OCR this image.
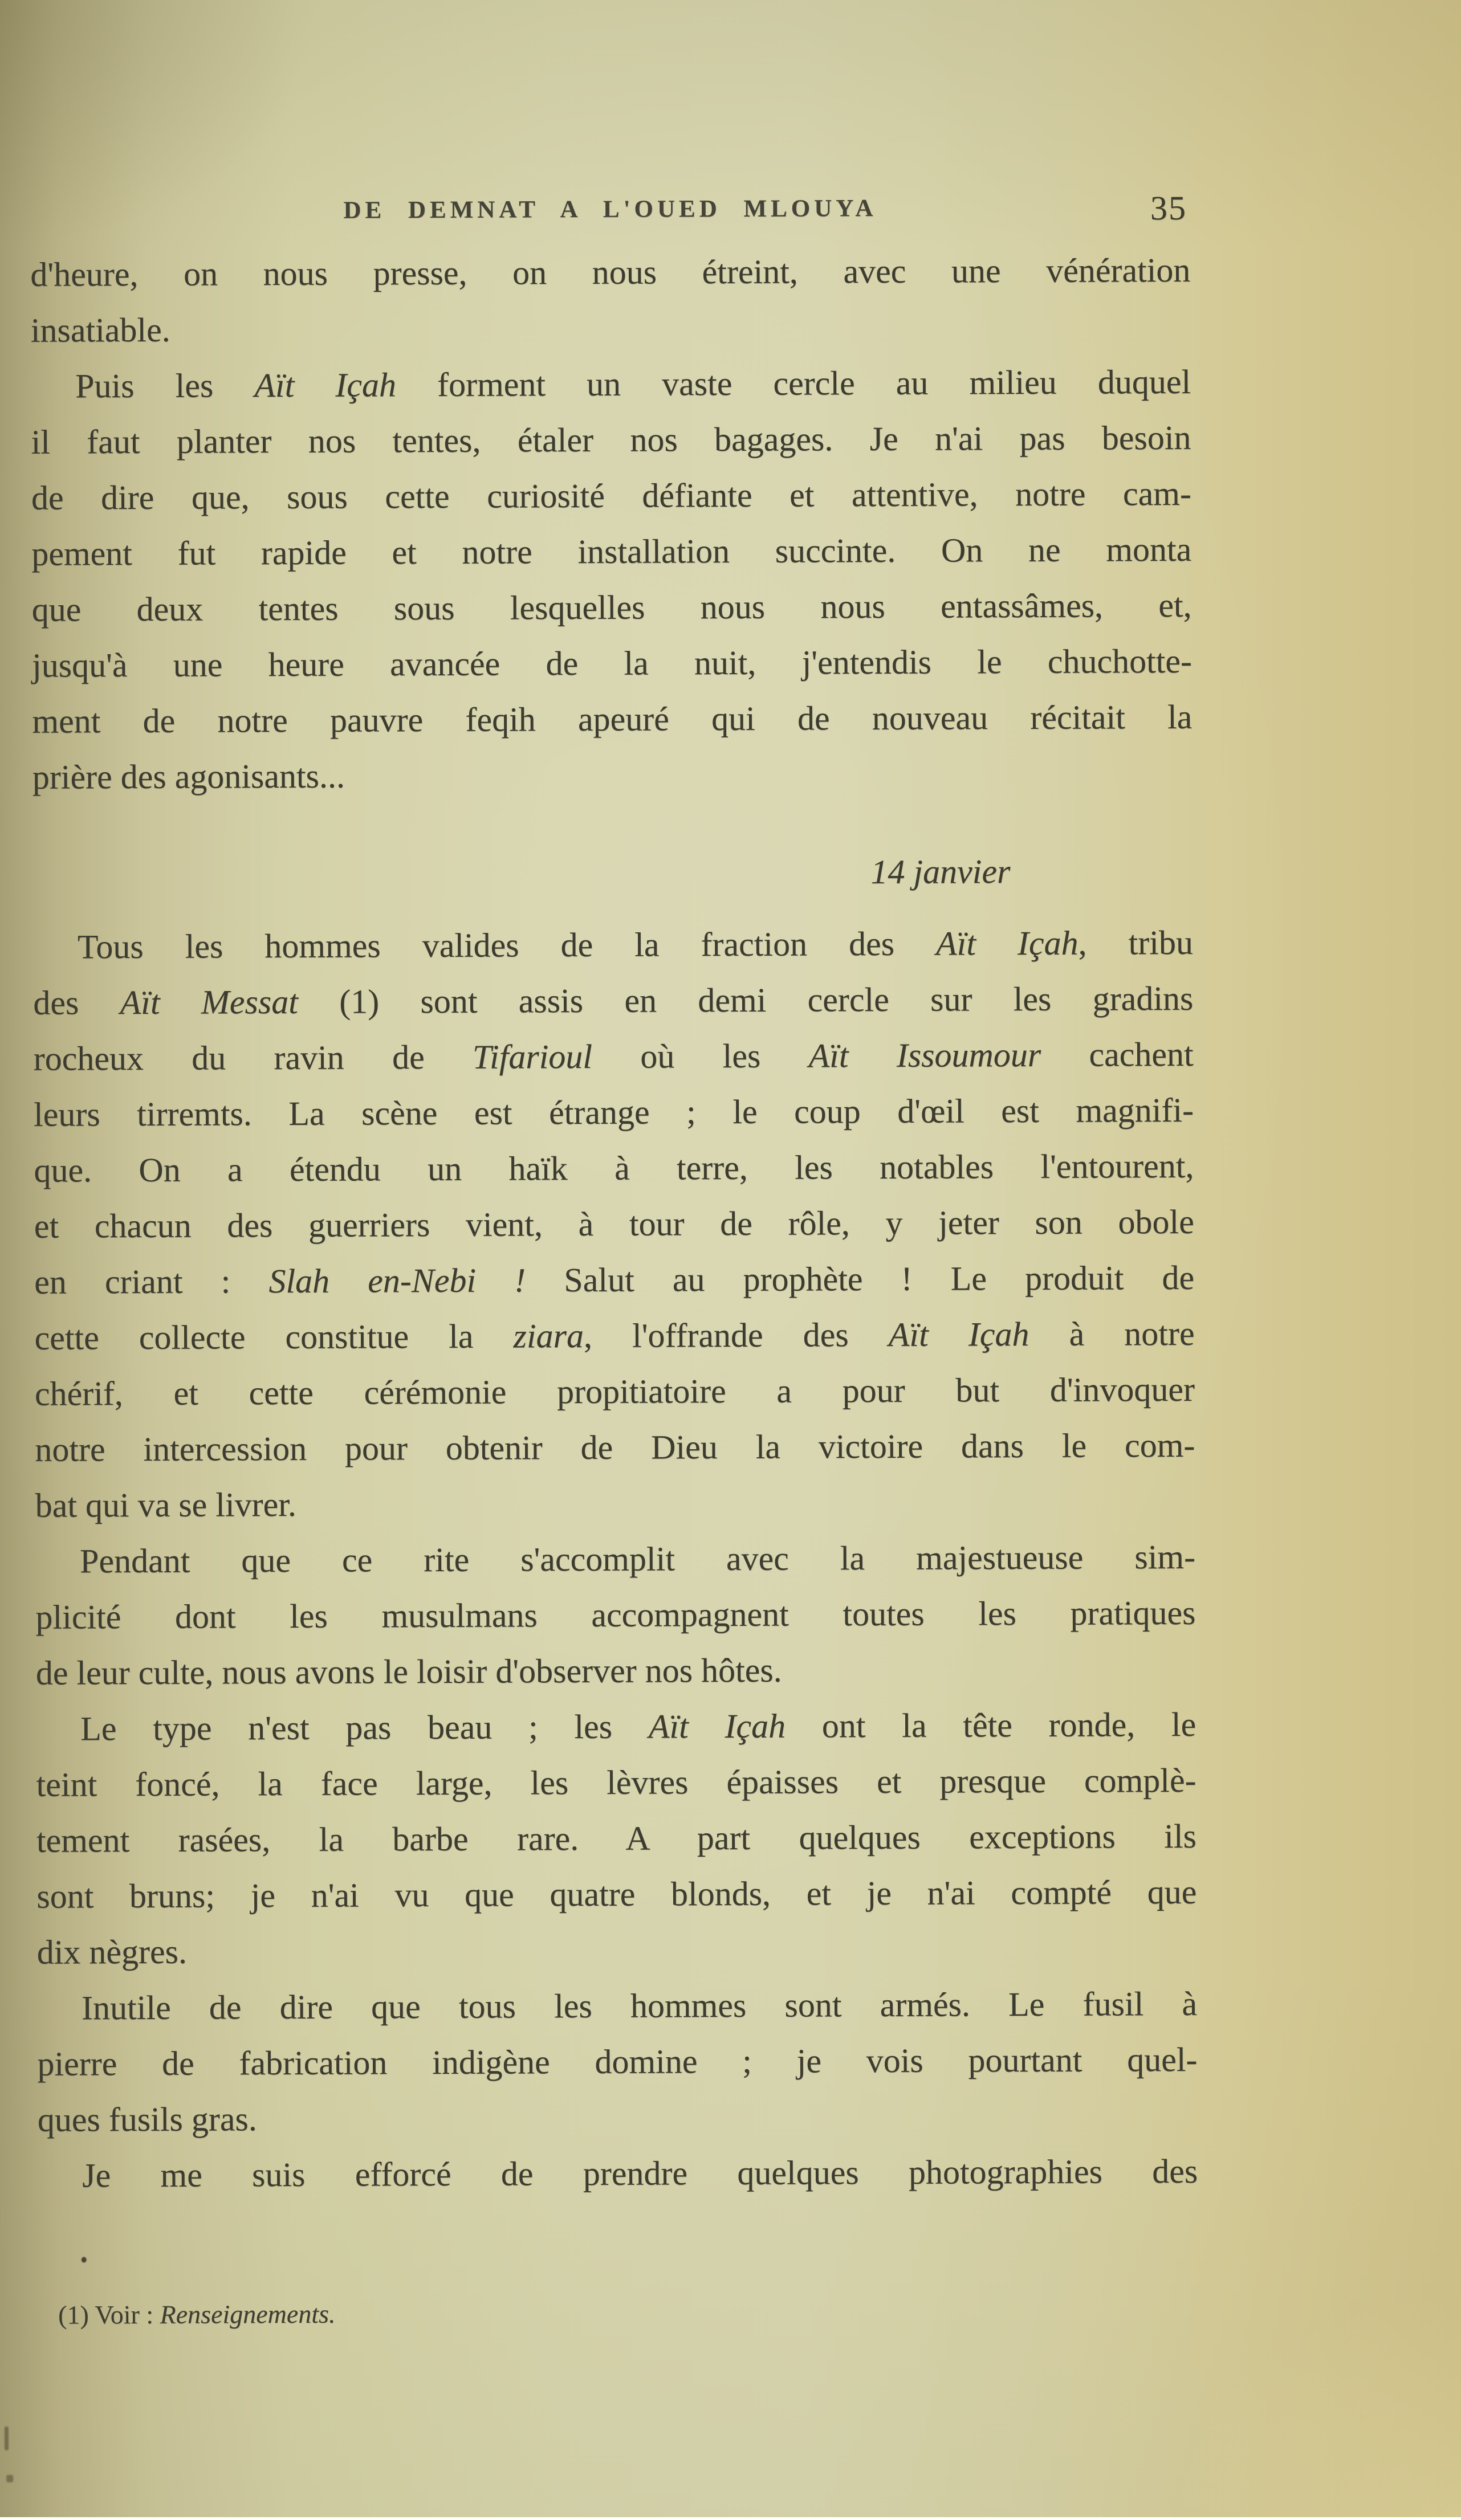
DE DEMNAT A L'OUED MLOUYA	35
d'heure, on nous presse, on nous étreint, avec une vénération
insatiable.
Puis les Aït Içah forment un vaste cercle au milieu duquel
il faut planter nos tentes, étaler nos bagages. Je n'ai pas besoin
de dire que, sous cette curiosité défiante et attentive, notre cam-
pement fut rapide et notre installation succinte. On ne monta
que deux tentes sous lesquelles nous nous entassâmes, et,
jusqu'à une heure avancée de la nuit, j'entendis le chuchotte-
ment de notre pauvre feqih apeuré qui de nouveau récitait la
prière des agonisants...
14 janvier
Tous les hommes valides de la fraction des Aït Içah, tribu
des Aït Messat (1) sont assis en demi cercle sur les gradins
rocheux du ravin de Tifarioul où les Aït Issoumour cachent
leurs tirremts. La scène est étrange ; le coup d'œil est magnifi-
que. On a étendu un haïk à terre, les notables l'entourent,
et chacun des guerriers vient, à tour de rôle, y jeter son obole
en criant : Slah en-Nebi ! Salut au prophète ! Le produit de
cette collecte constitue la ziara, l'offrande des Aït Içah à notre
chérif, et cette cérémonie propitiatoire a pour but d'invoquer
notre intercession pour obtenir de Dieu la victoire dans le com-
bat qui va se livrer.
Pendant que ce rite s'accomplit avec la majestueuse sim-
plicité dont les musulmans accompagnent toutes les pratiques
de leur culte, nous avons le loisir d'observer nos hôtes.
Le type n'est pas beau ; les Aït Içah ont la tête ronde, le
teint foncé, la face large, les lèvres épaisses et presque complè-
tement rasées, la barbe rare. A part quelques exceptions ils
sont bruns; je n'ai vu que quatre blonds, et je n'ai compté que
dix nègres.
Inutile de dire que tous les hommes sont armés. Le fusil à
pierre de fabrication indigène domine ; je vois pourtant quel-
ques fusils gras.
Je me suis efforcé de prendre quelques photographies des
(1) Voir : Renseignements.
